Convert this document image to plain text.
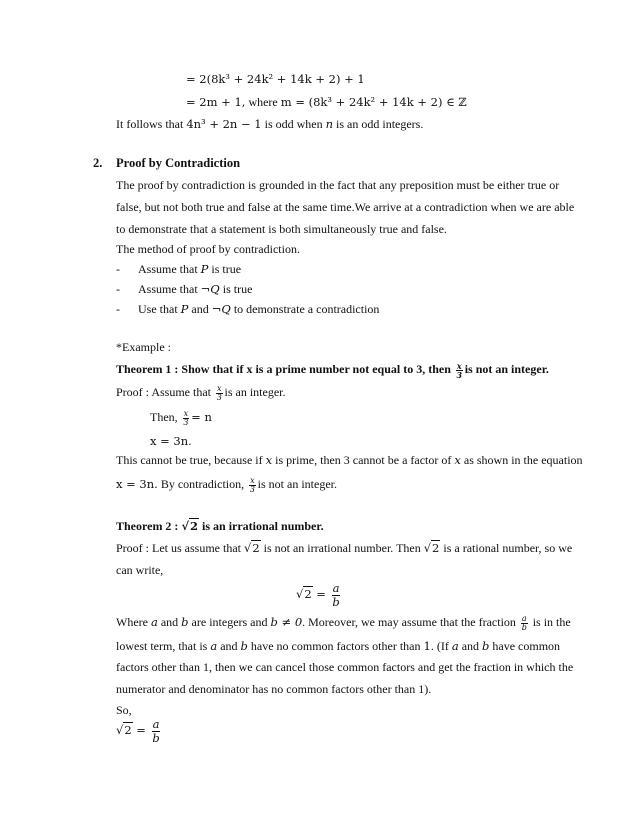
= 2(8k³ + 24k² + 14k + 2) + 1
= 2m + 1, where m = (8k³ + 24k² + 14k + 2) ∈ ℤ
It follows that 4n³ + 2n − 1 is odd when n is an odd integers.
2. Proof by Contradiction
The proof by contradiction is grounded in the fact that any preposition must be either true or
false, but not both true and false at the same time.We arrive at a contradiction when we are able
to demonstrate that a statement is both simultaneously true and false.
The method of proof by contradiction.
- Assume that P is true
- Assume that ¬Q is true
- Use that P and ¬Q to demonstrate a contradiction
*Example :
Theorem 1 : Show that if x is a prime number not equal to 3, then $\frac{x}{3}$ is not an integer.
Proof : Assume that $\frac{x}{3}$ is an integer.
Then, $\frac{x}{3} = n$
x = 3n.
This cannot be true, because if x is prime, then 3 cannot be a factor of x as shown in the equation
x = 3n. By contradiction, $\frac{x}{3}$ is not an integer.
Theorem 2 : √2 is an irrational number.
Proof : Let us assume that √2 is not an irrational number. Then √2 is a rational number, so we
can write,
$√2 = \frac{a}{b}$
Where a and b are integers and b ≠ 0. Moreover, we may assume that the fraction $\frac{a}{b}$ is in the
lowest term, that is a and b have no common factors other than 1. (If a and b have common
factors other than 1, then we can cancel those common factors and get the fraction in which the
numerator and denominator has no common factors other than 1).
So,
$√2 = \frac{a}{b}$
